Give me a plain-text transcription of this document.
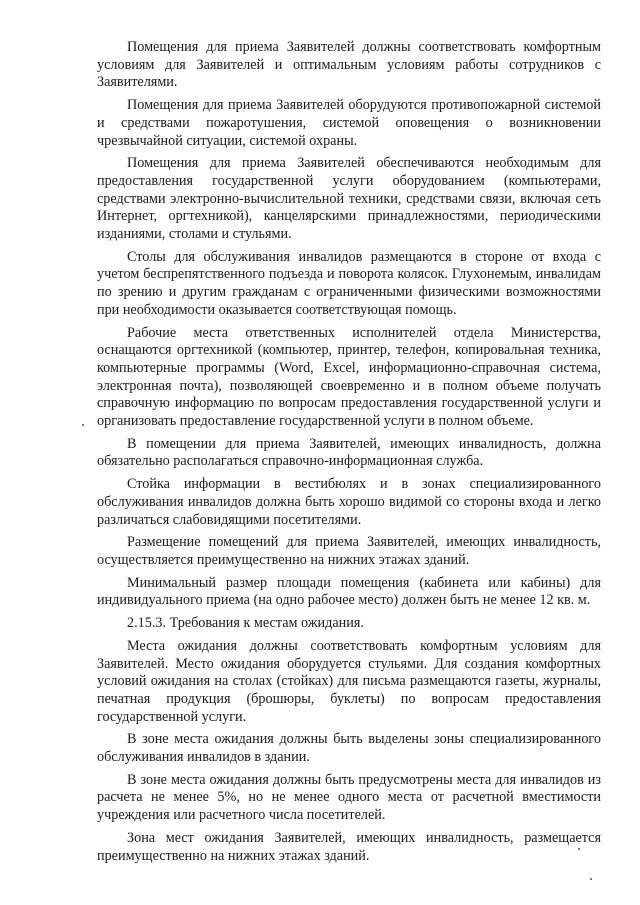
Помещения для приема Заявителей должны соответствовать комфортным условиям для Заявителей и оптимальным условиям работы сотрудников с Заявителями.

Помещения для приема Заявителей оборудуются противопожарной системой и средствами пожаротушения, системой оповещения о возникновении чрезвычайной ситуации, системой охраны.

Помещения для приема Заявителей обеспечиваются необходимым для предоставления государственной услуги оборудованием (компьютерами, средствами электронно-вычислительной техники, средствами связи, включая сеть Интернет, оргтехникой), канцелярскими принадлежностями, периодическими изданиями, столами и стульями.

Столы для обслуживания инвалидов размещаются в стороне от входа с учетом беспрепятственного подъезда и поворота колясок. Глухонемым, инвалидам по зрению и другим гражданам с ограниченными физическими возможностями при необходимости оказывается соответствующая помощь.

Рабочие места ответственных исполнителей отдела Министерства, оснащаются оргтехникой (компьютер, принтер, телефон, копировальная техника, компьютерные программы (Word, Excel, информационно-справочная система, электронная почта), позволяющей своевременно и в полном объеме получать справочную информацию по вопросам предоставления государственной услуги и организовать предоставление государственной услуги в полном объеме.

В помещении для приема Заявителей, имеющих инвалидность, должна обязательно располагаться справочно-информационная служба.

Стойка информации в вестибюлях и в зонах специализированного обслуживания инвалидов должна быть хорошо видимой со стороны входа и легко различаться слабовидящими посетителями.

Размещение помещений для приема Заявителей, имеющих инвалидность, осуществляется преимущественно на нижних этажах зданий.

Минимальный размер площади помещения (кабинета или кабины) для индивидуального приема (на одно рабочее место) должен быть не менее 12 кв. м.

2.15.3. Требования к местам ожидания.

Места ожидания должны соответствовать комфортным условиям для Заявителей. Место ожидания оборудуется стульями. Для создания комфортных условий ожидания на столах (стойках) для письма размещаются газеты, журналы, печатная продукция (брошюры, буклеты) по вопросам предоставления государственной услуги.

В зоне места ожидания должны быть выделены зоны специализированного обслуживания инвалидов в здании.

В зоне места ожидания должны быть предусмотрены места для инвалидов из расчета не менее 5%, но не менее одного места от расчетной вместимости учреждения или расчетного числа посетителей.

Зона мест ожидания Заявителей, имеющих инвалидность, размещается преимущественно на нижних этажах зданий.
